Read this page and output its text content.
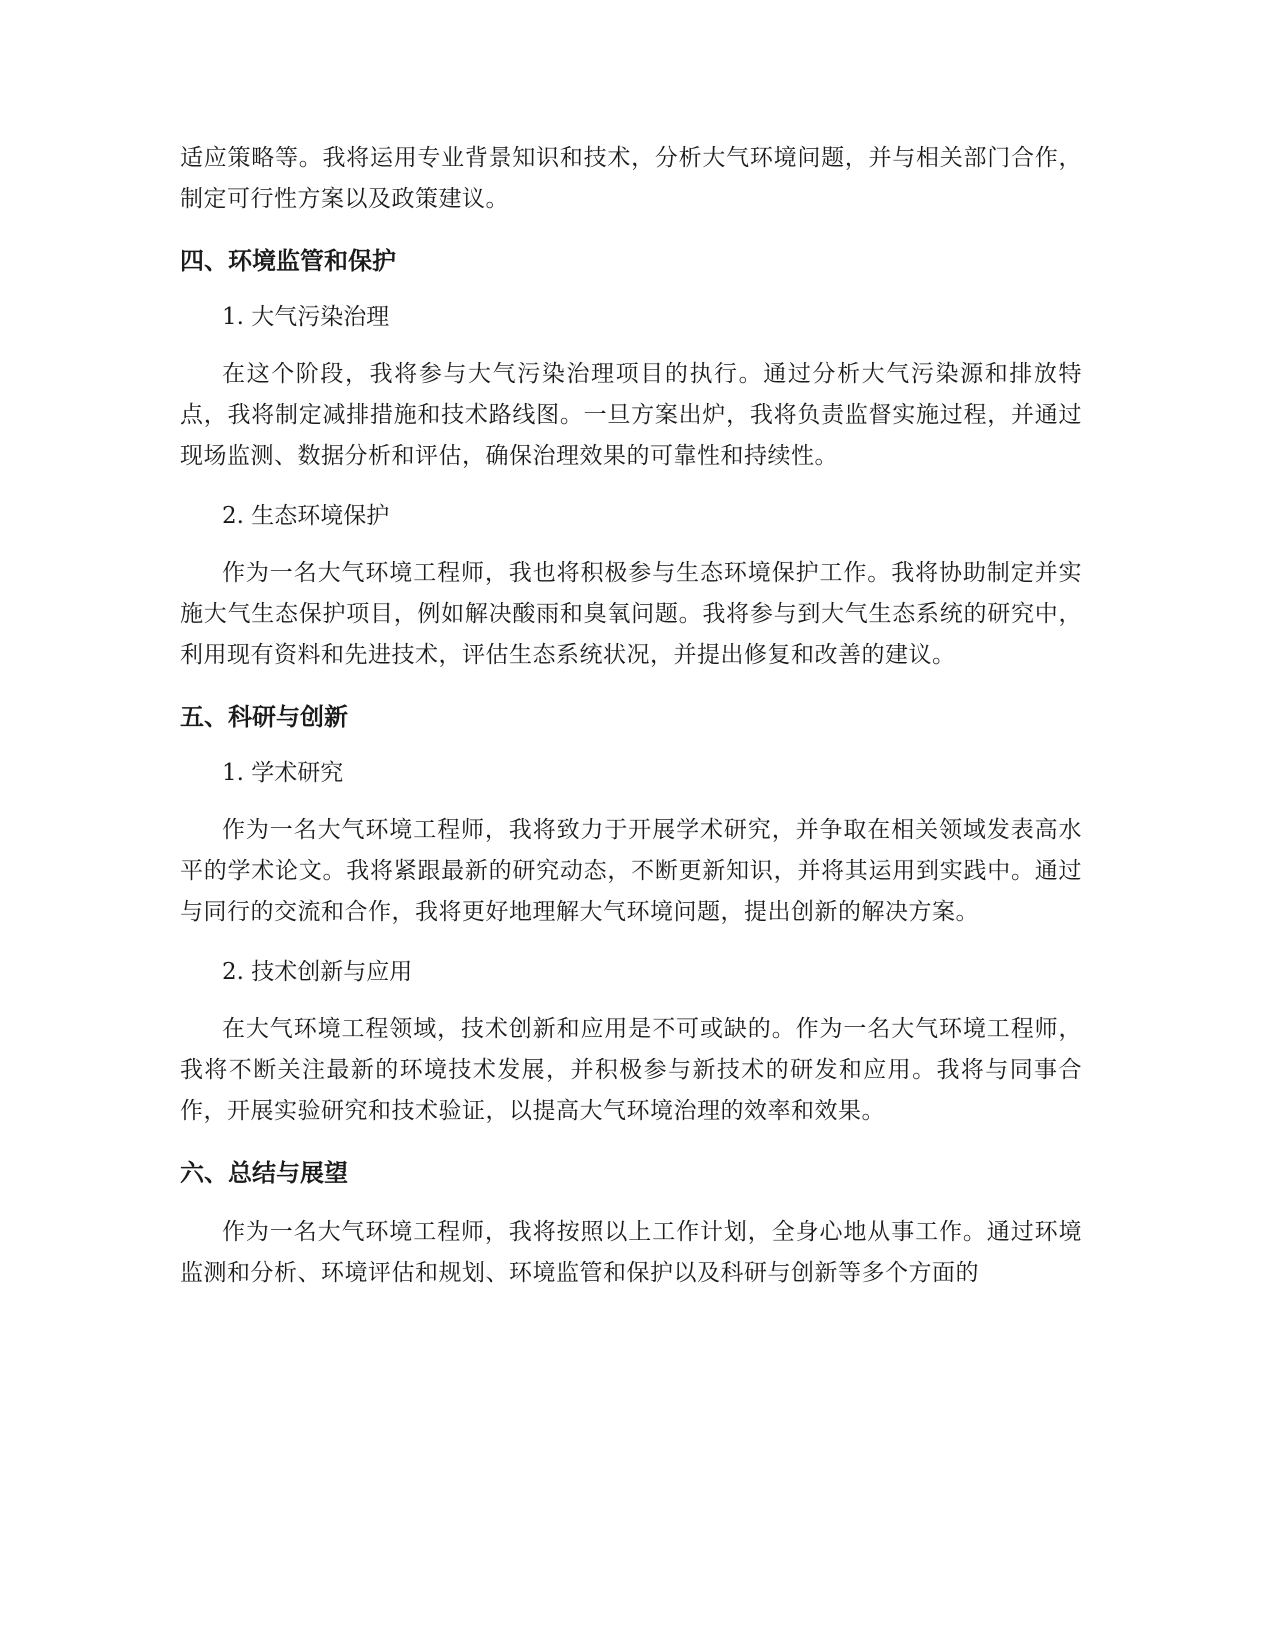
适应策略等。我将运用专业背景知识和技术，分析大气环境问题，并与相关部门合作，制定可行性方案以及政策建议。

四、环境监管和保护

1. 大气污染治理

在这个阶段，我将参与大气污染治理项目的执行。通过分析大气污染源和排放特点，我将制定减排措施和技术路线图。一旦方案出炉，我将负责监督实施过程，并通过现场监测、数据分析和评估，确保治理效果的可靠性和持续性。

2. 生态环境保护

作为一名大气环境工程师，我也将积极参与生态环境保护工作。我将协助制定并实施大气生态保护项目，例如解决酸雨和臭氧问题。我将参与到大气生态系统的研究中，利用现有资料和先进技术，评估生态系统状况，并提出修复和改善的建议。

五、科研与创新

1. 学术研究

作为一名大气环境工程师，我将致力于开展学术研究，并争取在相关领域发表高水平的学术论文。我将紧跟最新的研究动态，不断更新知识，并将其运用到实践中。通过与同行的交流和合作，我将更好地理解大气环境问题，提出创新的解决方案。

2. 技术创新与应用

在大气环境工程领域，技术创新和应用是不可或缺的。作为一名大气环境工程师，我将不断关注最新的环境技术发展，并积极参与新技术的研发和应用。我将与同事合作，开展实验研究和技术验证，以提高大气环境治理的效率和效果。

六、总结与展望

作为一名大气环境工程师，我将按照以上工作计划，全身心地从事工作。通过环境监测和分析、环境评估和规划、环境监管和保护以及科研与创新等多个方面的
